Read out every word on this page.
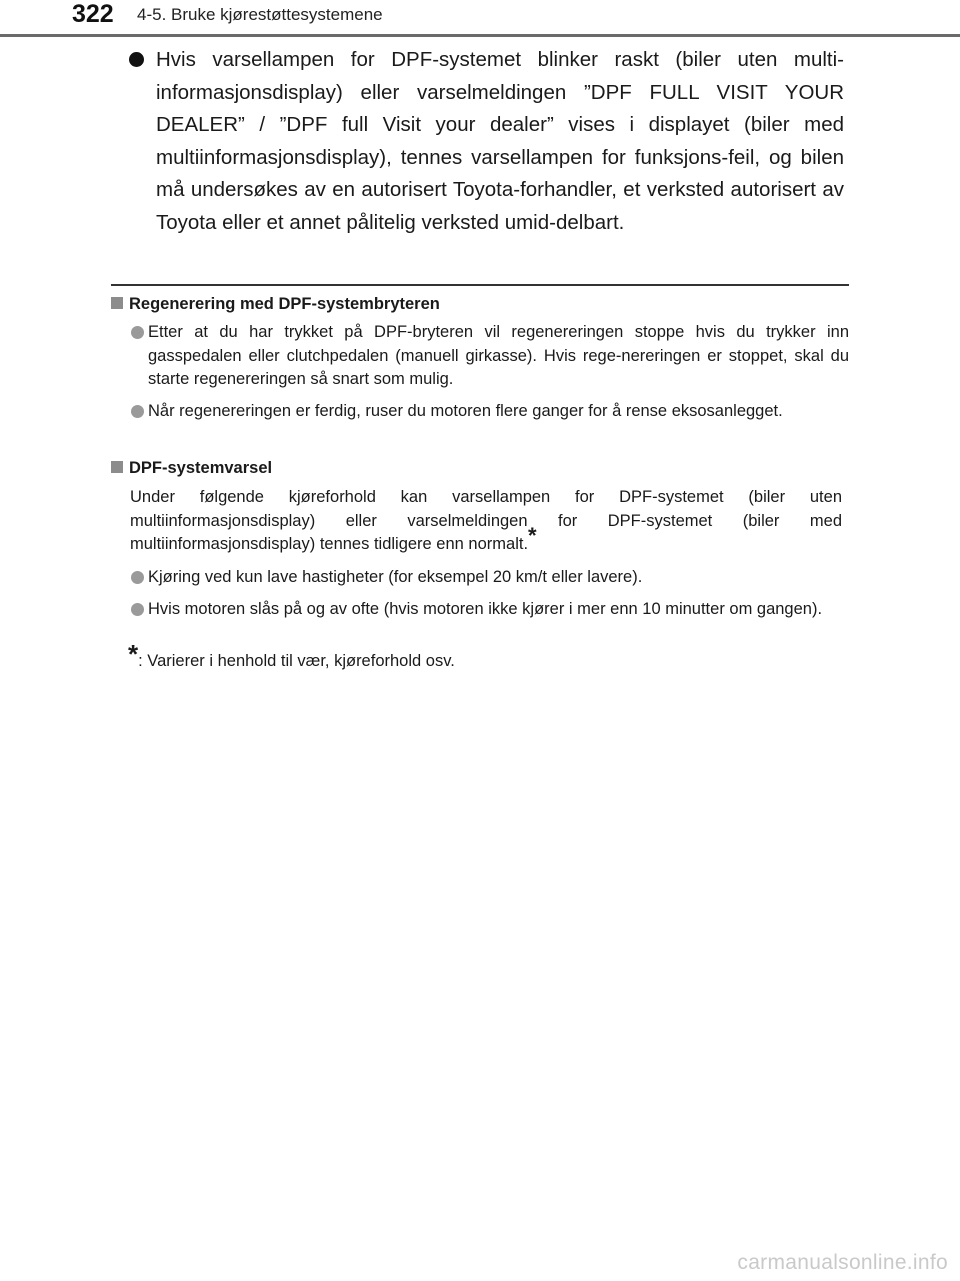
322 4-5. Bruke kjørestøttesystemene
Hvis varsellampen for DPF-systemet blinker raskt (biler uten multi-informasjonsdisplay) eller varselmeldingen ”DPF FULL VISIT YOUR DEALER” / ”DPF full Visit your dealer” vises i displayet (biler med multiinformasjonsdisplay), tennes varsellampen for funksjons-feil, og bilen må undersøkes av en autorisert Toyota-forhandler, et verksted autorisert av Toyota eller et annet pålitelig verksted umid-delbart.
Regenerering med DPF-systembryteren
Etter at du har trykket på DPF-bryteren vil regenereringen stoppe hvis du trykker inn gasspedalen eller clutchpedalen (manuell girkasse). Hvis rege-nereringen er stoppet, skal du starte regenereringen så snart som mulig.
Når regenereringen er ferdig, ruser du motoren flere ganger for å rense eksosanlegget.
DPF-systemvarsel
Under følgende kjøreforhold kan varsellampen for DPF-systemet (biler uten multiinformasjonsdisplay) eller varselmeldingen for DPF-systemet (biler med multiinformasjonsdisplay) tennes tidligere enn normalt.*
Kjøring ved kun lave hastigheter (for eksempel 20 km/t eller lavere).
Hvis motoren slås på og av ofte (hvis motoren ikke kjører i mer enn 10 minutter om gangen).
*: Varierer i henhold til vær, kjøreforhold osv.
carmanualsonline.info
